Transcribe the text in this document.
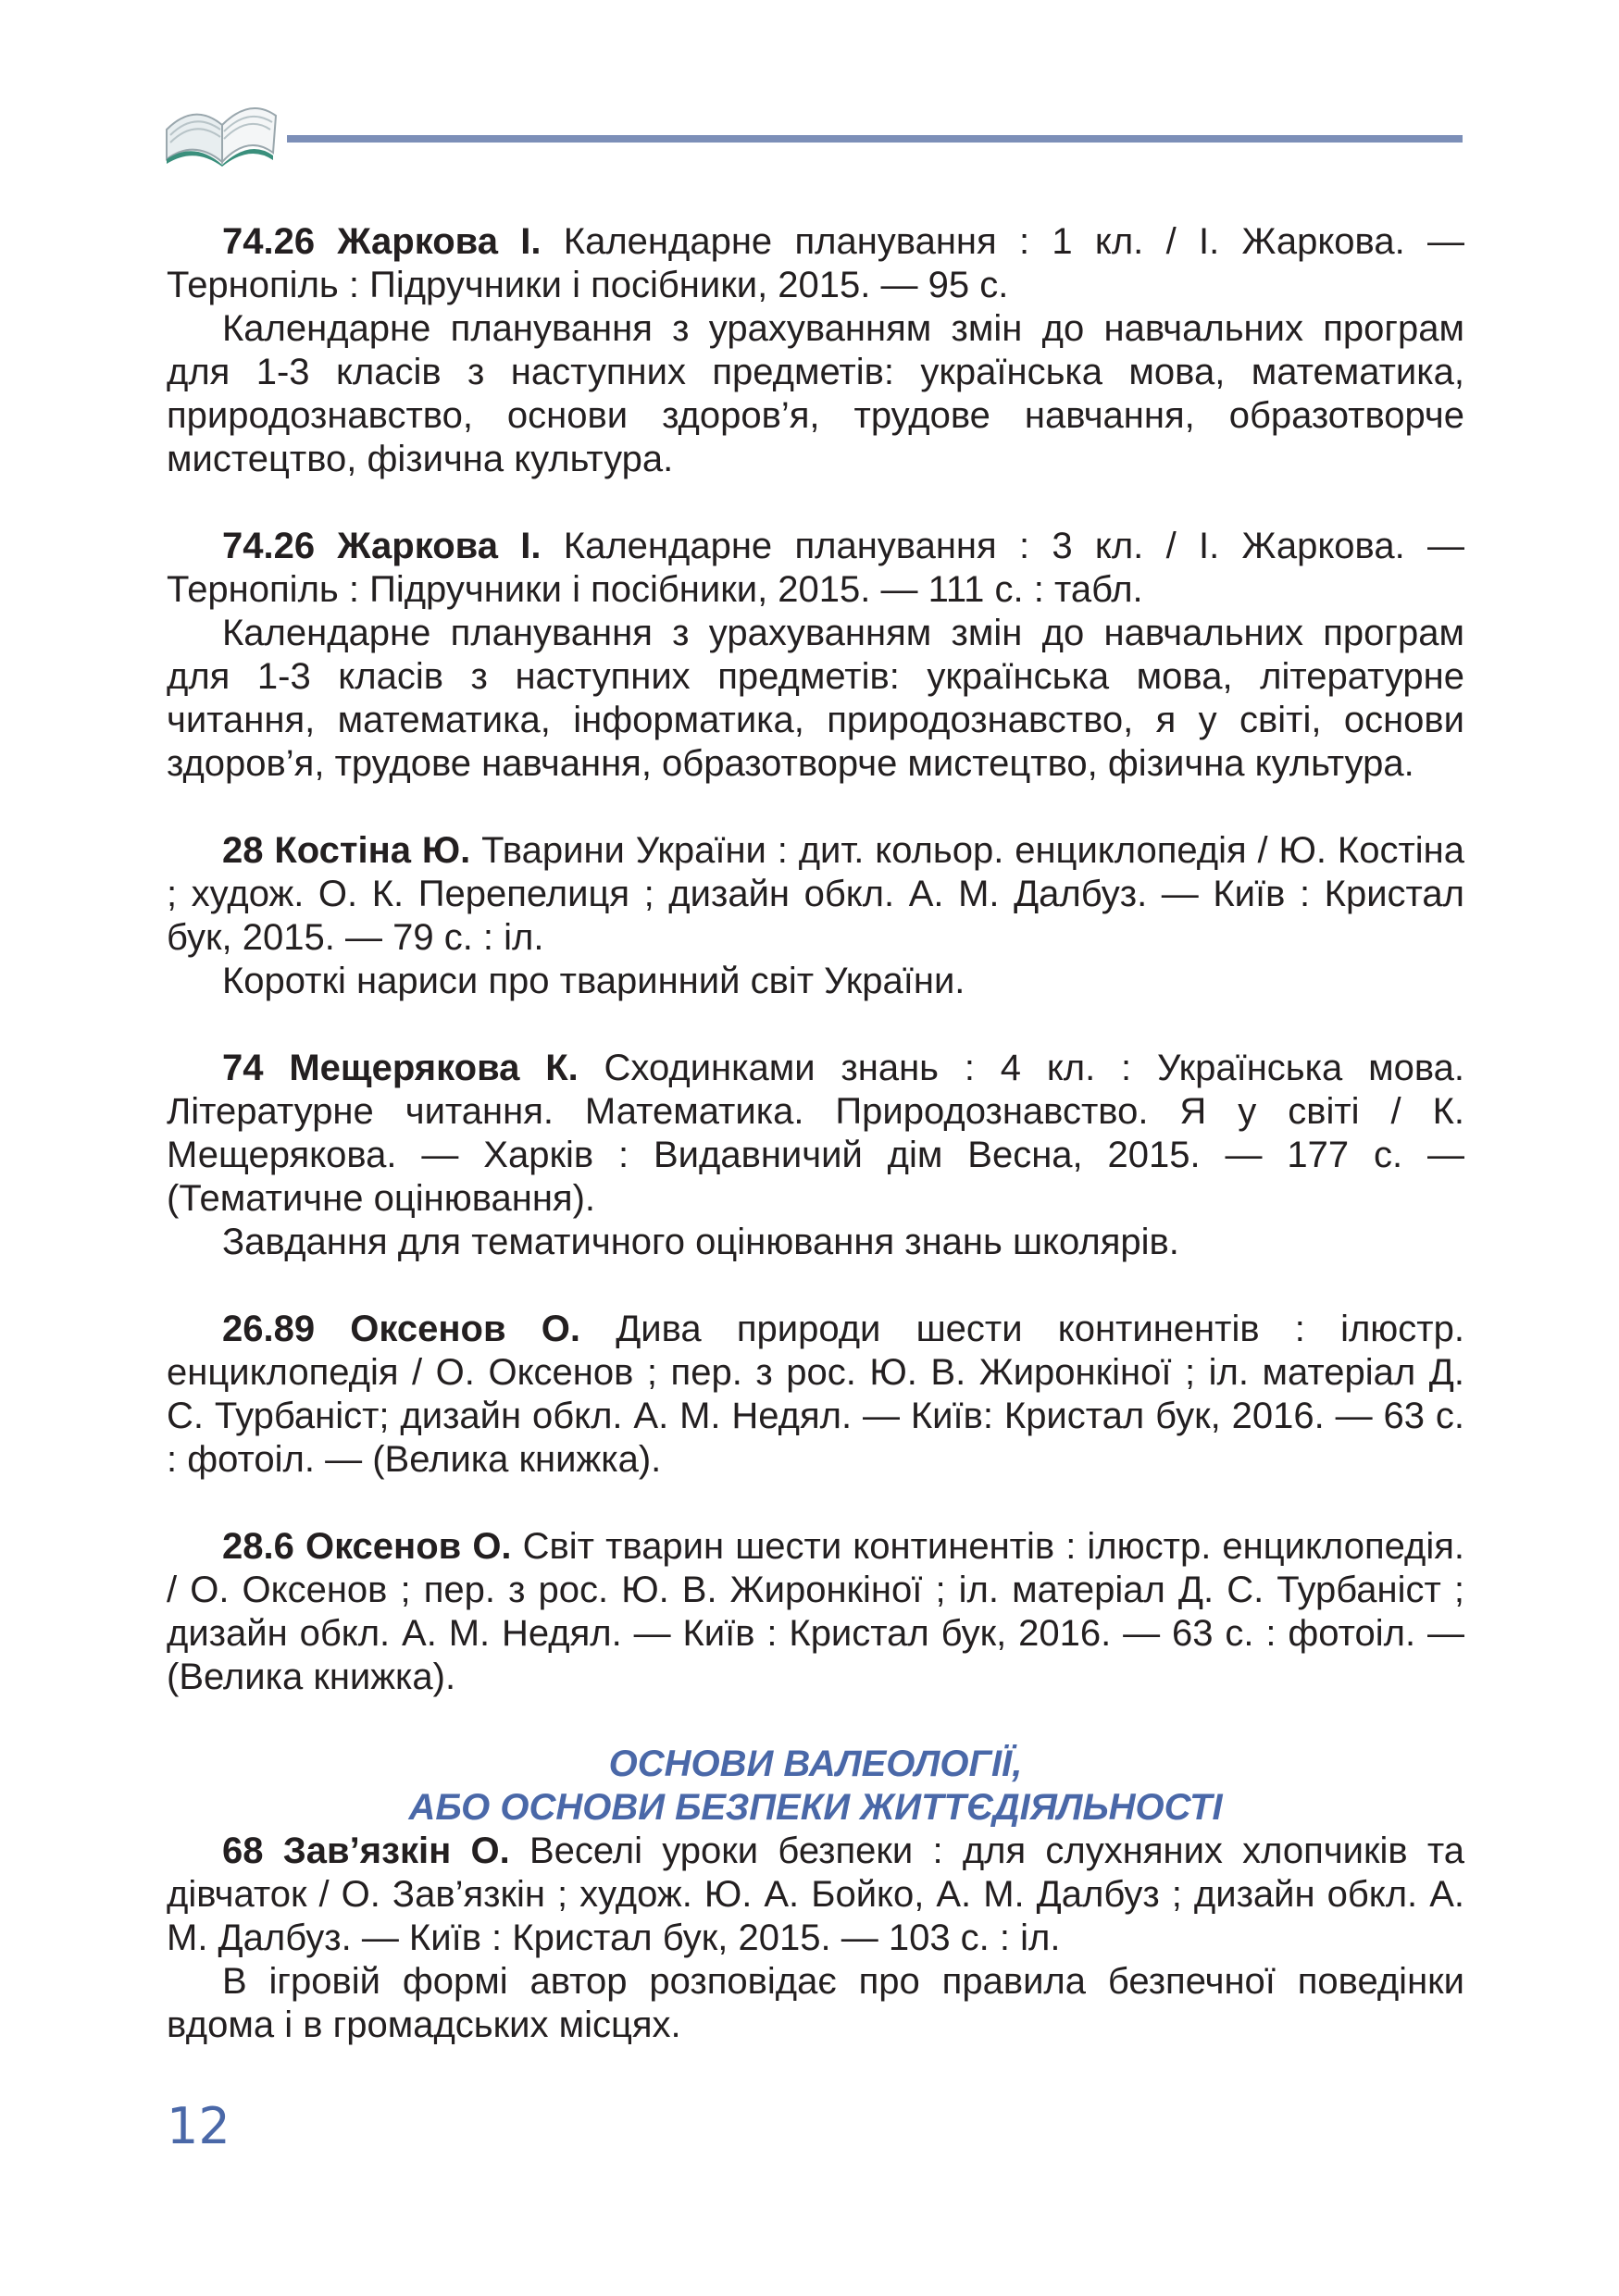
74.26 Жаркова І. Календарне планування : 1 кл. / І. Жаркова. — Тернопіль : Підручники і посібники, 2015. — 95 с.

Календарне планування з урахуванням змін до навчальних програм для 1-3 класів з наступних предметів: українська мова, математика, природознавство, основи здоров’я, трудове навчання, образотворче мистецтво, фізична культура.

74.26 Жаркова І. Календарне планування : 3 кл. / І. Жаркова. — Тернопіль : Підручники і посібники, 2015. — 111 с. : табл.

Календарне планування з урахуванням змін до навчальних програм для 1-3 класів з наступних предметів: українська мова, літературне читання, математика, інформатика, природознавство, я у світі, основи здоров’я, трудове навчання, образотворче мистецтво, фізична культура.

28 Костіна Ю. Тварини України : дит. кольор. енциклопедія / Ю. Костіна ; худож. О. К. Перепелиця ; дизайн обкл. А. М. Далбуз. — Київ : Кристал бук, 2015. — 79 с. : іл.

Короткі нариси про тваринний світ України.

74 Мещерякова К. Сходинками знань : 4 кл. : Українська мова. Літературне читання. Математика. Природознавство. Я у світі / К. Мещерякова. — Харків : Видавничий дім Весна, 2015. — 177 с. — (Тематичне оцінювання).

Завдання для тематичного оцінювання знань школярів.

26.89 Оксенов О. Дива природи шести континентів : ілюстр. енциклопедія / О. Оксенов ; пер. з рос. Ю. В. Жиронкіної ; іл. матеріал Д. С. Турбаніст; дизайн обкл. А. М. Недял. — Київ: Кристал бук, 2016. — 63 с. : фотоіл. — (Велика книжка).

28.6 Оксенов О. Світ тварин шести континентів : ілюстр. енциклопедія. / О. Оксенов ; пер. з рос. Ю. В. Жиронкіної ; іл. матеріал Д. С. Турбаніст ; дизайн обкл. А. М. Недял. — Київ : Кристал бук, 2016. — 63 с. : фотоіл. — (Велика книжка).

ОСНОВИ ВАЛЕОЛОГІЇ,

АБО ОСНОВИ БЕЗПЕКИ ЖИТТЄДІЯЛЬНОСТІ

68 Зав’язкін О. Веселі уроки безпеки : для слухняних хлопчиків та дівчаток / О. Зав’язкін ; худож. Ю. А. Бойко, А. М. Далбуз ; дизайн обкл. А. М. Далбуз. — Київ : Кристал бук, 2015. — 103 с. : іл.

В ігровій формі автор розповідає про правила безпечної поведінки вдома і в громадських місцях.

12
